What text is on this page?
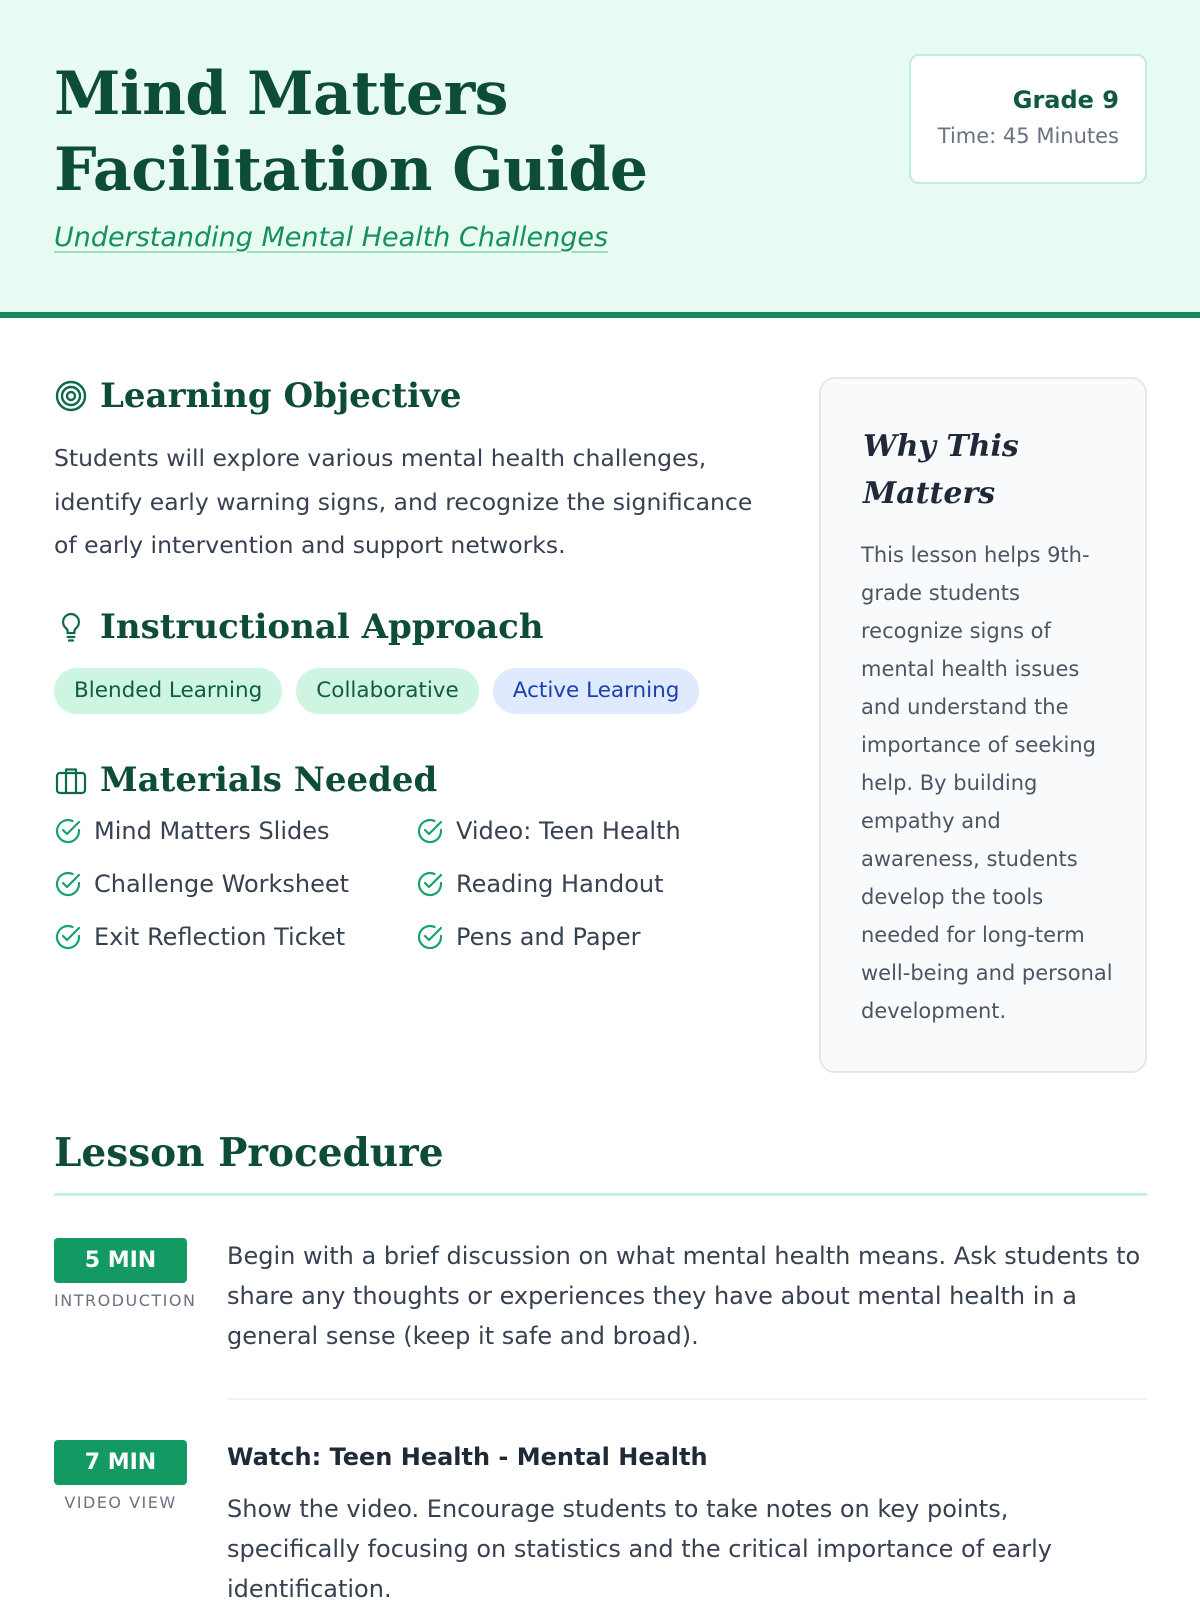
Mind Matters Facilitation Guide
Understanding Mental Health Challenges
Grade 9
Time: 45 Minutes
Learning Objective

Students will explore various mental health challenges, identify early warning signs, and recognize the significance of early intervention and support networks.

Instructional Approach
Blended Learning	Collaborative	Active Learning
Materials Needed
Mind Matters Slides	Video: Teen Health
Challenge Worksheet	Reading Handout
Exit Reflection Ticket	Pens and Paper
Why This Matters

This lesson helps 9th-grade students recognize signs of mental health issues and understand the importance of seeking help. By building empathy and awareness, students develop the tools needed for long-term well-being and personal development.

Lesson Procedure
5 MIN
INTRODUCTION

Begin with a brief discussion on what mental health means. Ask students to share any thoughts or experiences they have about mental health in a general sense (keep it safe and broad).

7 MIN
VIDEO VIEW
Watch: Teen Health - Mental Health

Show the video. Encourage students to take notes on key points, specifically focusing on statistics and the critical importance of early identification.
